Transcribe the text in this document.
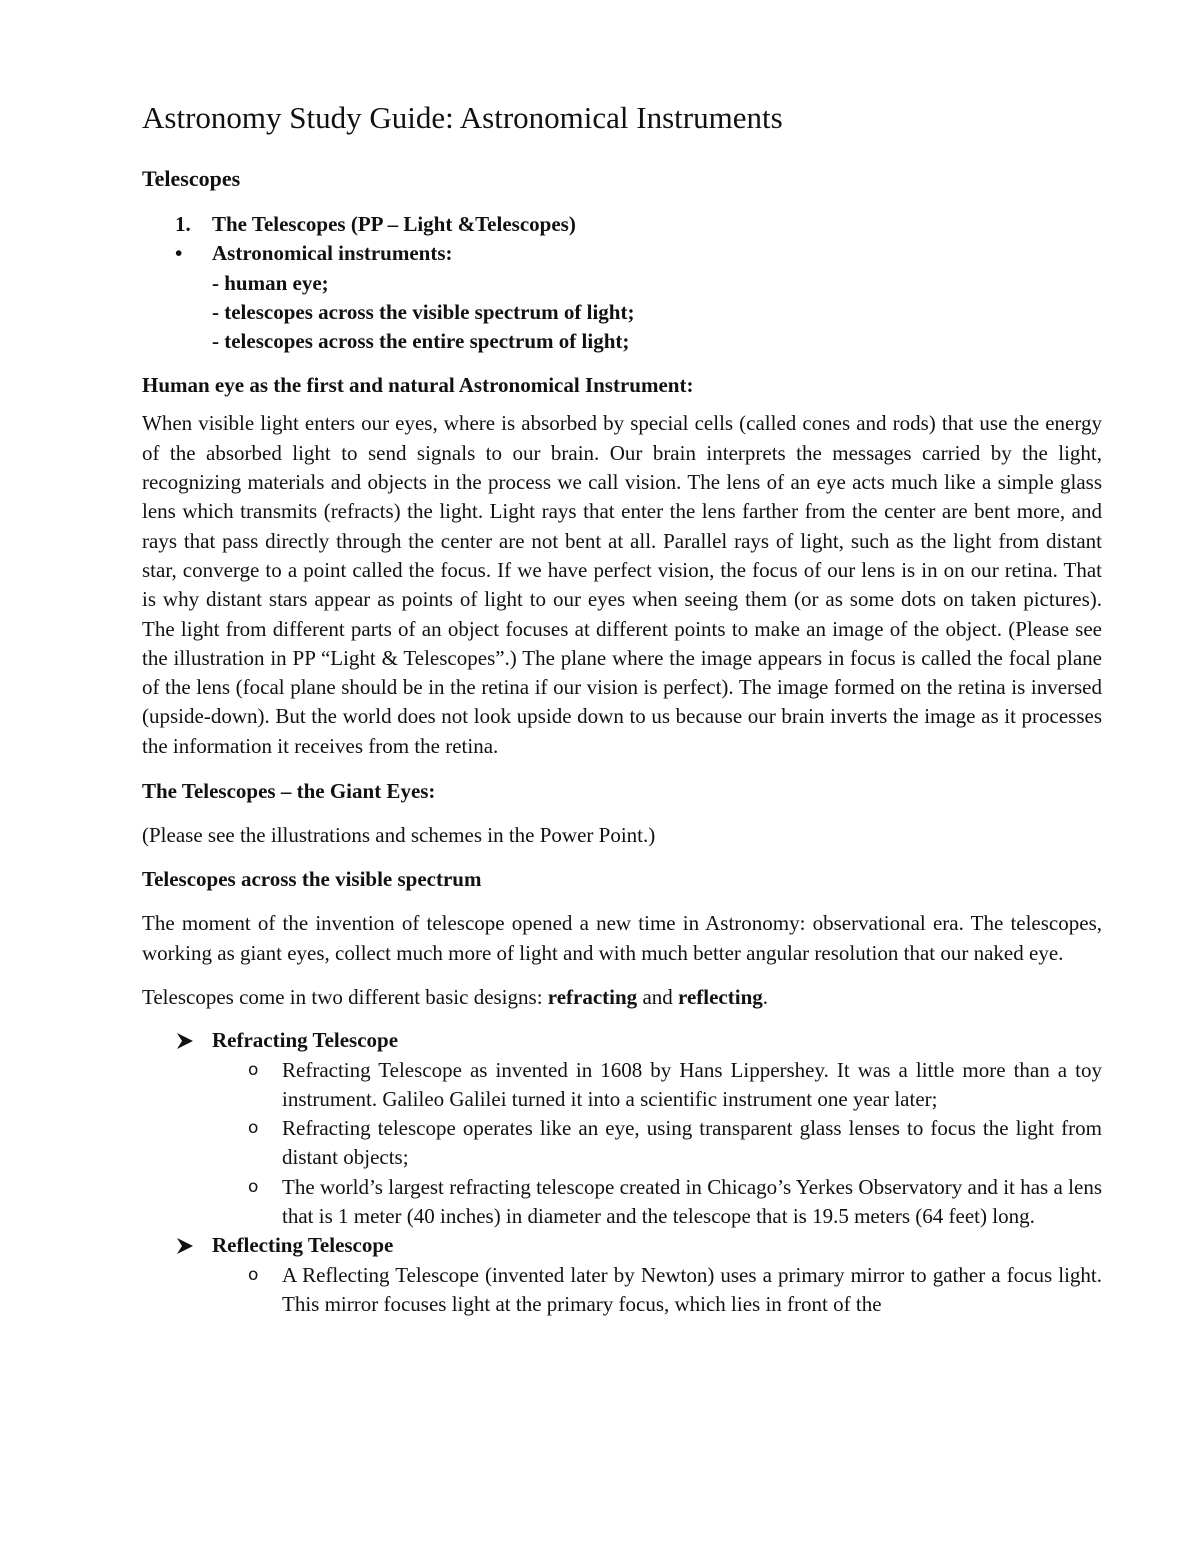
Astronomy Study Guide: Astronomical Instruments
Telescopes
1. The Telescopes (PP – Light &Telescopes)
• Astronomical instruments:
- human eye;
- telescopes across the visible spectrum of light;
- telescopes across the entire spectrum of light;
Human eye as the first and natural Astronomical Instrument:

When visible light enters our eyes, where is absorbed by special cells (called cones and rods) that use the energy of the absorbed light to send signals to our brain. Our brain interprets the messages carried by the light, recognizing materials and objects in the process we call vision. The lens of an eye acts much like a simple glass lens which transmits (refracts) the light. Light rays that enter the lens farther from the center are bent more, and rays that pass directly through the center are not bent at all. Parallel rays of light, such as the light from distant star, converge to a point called the focus. If we have perfect vision, the focus of our lens is in on our retina. That is why distant stars appear as points of light to our eyes when seeing them (or as some dots on taken pictures). The light from different parts of an object focuses at different points to make an image of the object. (Please see the illustration in PP “Light & Telescopes”.) The plane where the image appears in focus is called the focal plane of the lens (focal plane should be in the retina if our vision is perfect). The image formed on the retina is inversed (upside-down). But the world does not look upside down to us because our brain inverts the image as it processes the information it receives from the retina.

The Telescopes – the Giant Eyes:

(Please see the illustrations and schemes in the Power Point.)

Telescopes across the visible spectrum

The moment of the invention of telescope opened a new time in Astronomy: observational era. The telescopes, working as giant eyes, collect much more of light and with much better angular resolution that our naked eye.

Telescopes come in two different basic designs: refracting and reflecting.

Refracting Telescope
o Refracting Telescope as invented in 1608 by Hans Lippershey. It was a little more than a toy instrument. Galileo Galilei turned it into a scientific instrument one year later;
o Refracting telescope operates like an eye, using transparent glass lenses to focus the light from distant objects;
o The world’s largest refracting telescope created in Chicago’s Yerkes Observatory and it has a lens that is 1 meter (40 inches) in diameter and the telescope that is 19.5 meters (64 feet) long.
Reflecting Telescope
o A Reflecting Telescope (invented later by Newton) uses a primary mirror to gather a focus light. This mirror focuses light at the primary focus, which lies in front of the
